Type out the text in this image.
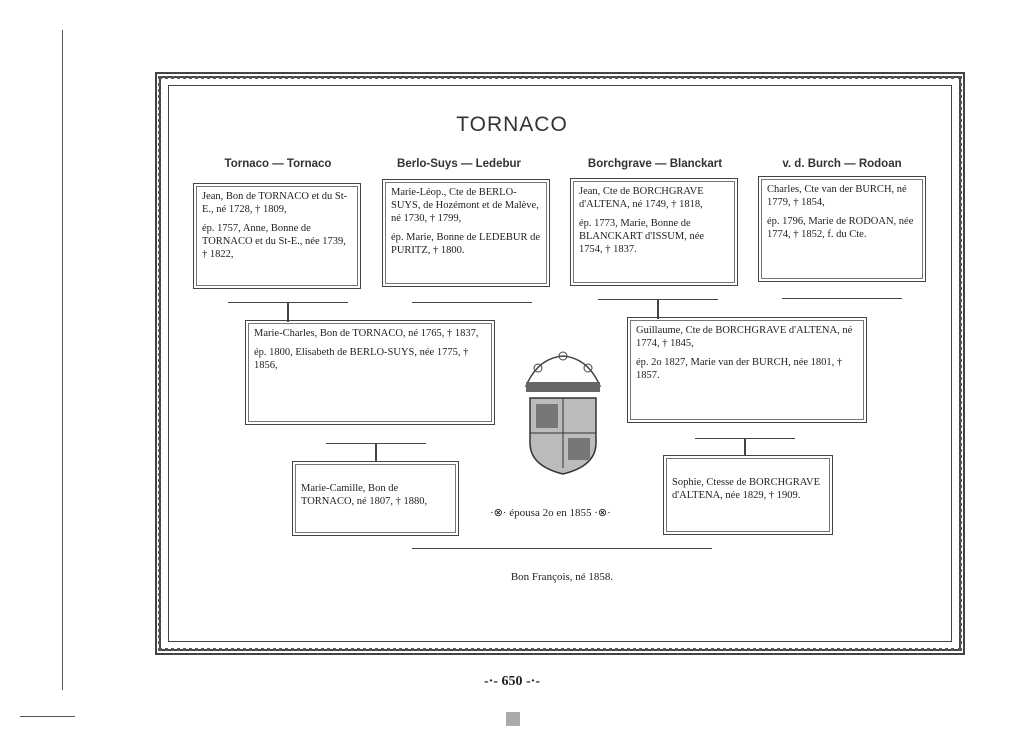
TORNACO
Tornaco — Tornaco	Berlo-Suys — Ledebur	Borchgrave — Blanckart	v. d. Burch — Rodoan

Jean, Bon de TORNACO et du St-E., né 1728, † 1809,

ép. 1757, Anne, Bonne de TORNACO et du St-E., née 1739, † 1822,

Marie-Léop., Cte de BERLO-SUYS, de Hozémont et de Malève, né 1730, † 1799,

ép. Marie, Bonne de LEDEBUR de PURITZ, † 1800.

Jean, Cte de BORCHGRAVE d'ALTENA, né 1749, † 1818,

ép. 1773, Marie, Bonne de BLANCKART d'ISSUM, née 1754, † 1837.

Charles, Cte van der BURCH, né 1779, † 1854,

ép. 1796, Marie de RODOAN, née 1774, † 1852, f. du Cte.

Marie-Charles, Bon de TORNACO, né 1765, † 1837,

ép. 1800, Elisabeth de BERLO-SUYS, née 1775, † 1856,

Guillaume, Cte de BORCHGRAVE d'ALTENA, né 1774, † 1845,

ép. 2o 1827, Marie van der BURCH, née 1801, † 1857.

Marie-Camille, Bon de TORNACO, né 1807, † 1880,

Sophie, Ctesse de BORCHGRAVE d'ALTENA, née 1829, † 1909.

·⊗· épousa 2o en 1855 ·⊗·
Bon François, né 1858.
-·- 650 -·-
